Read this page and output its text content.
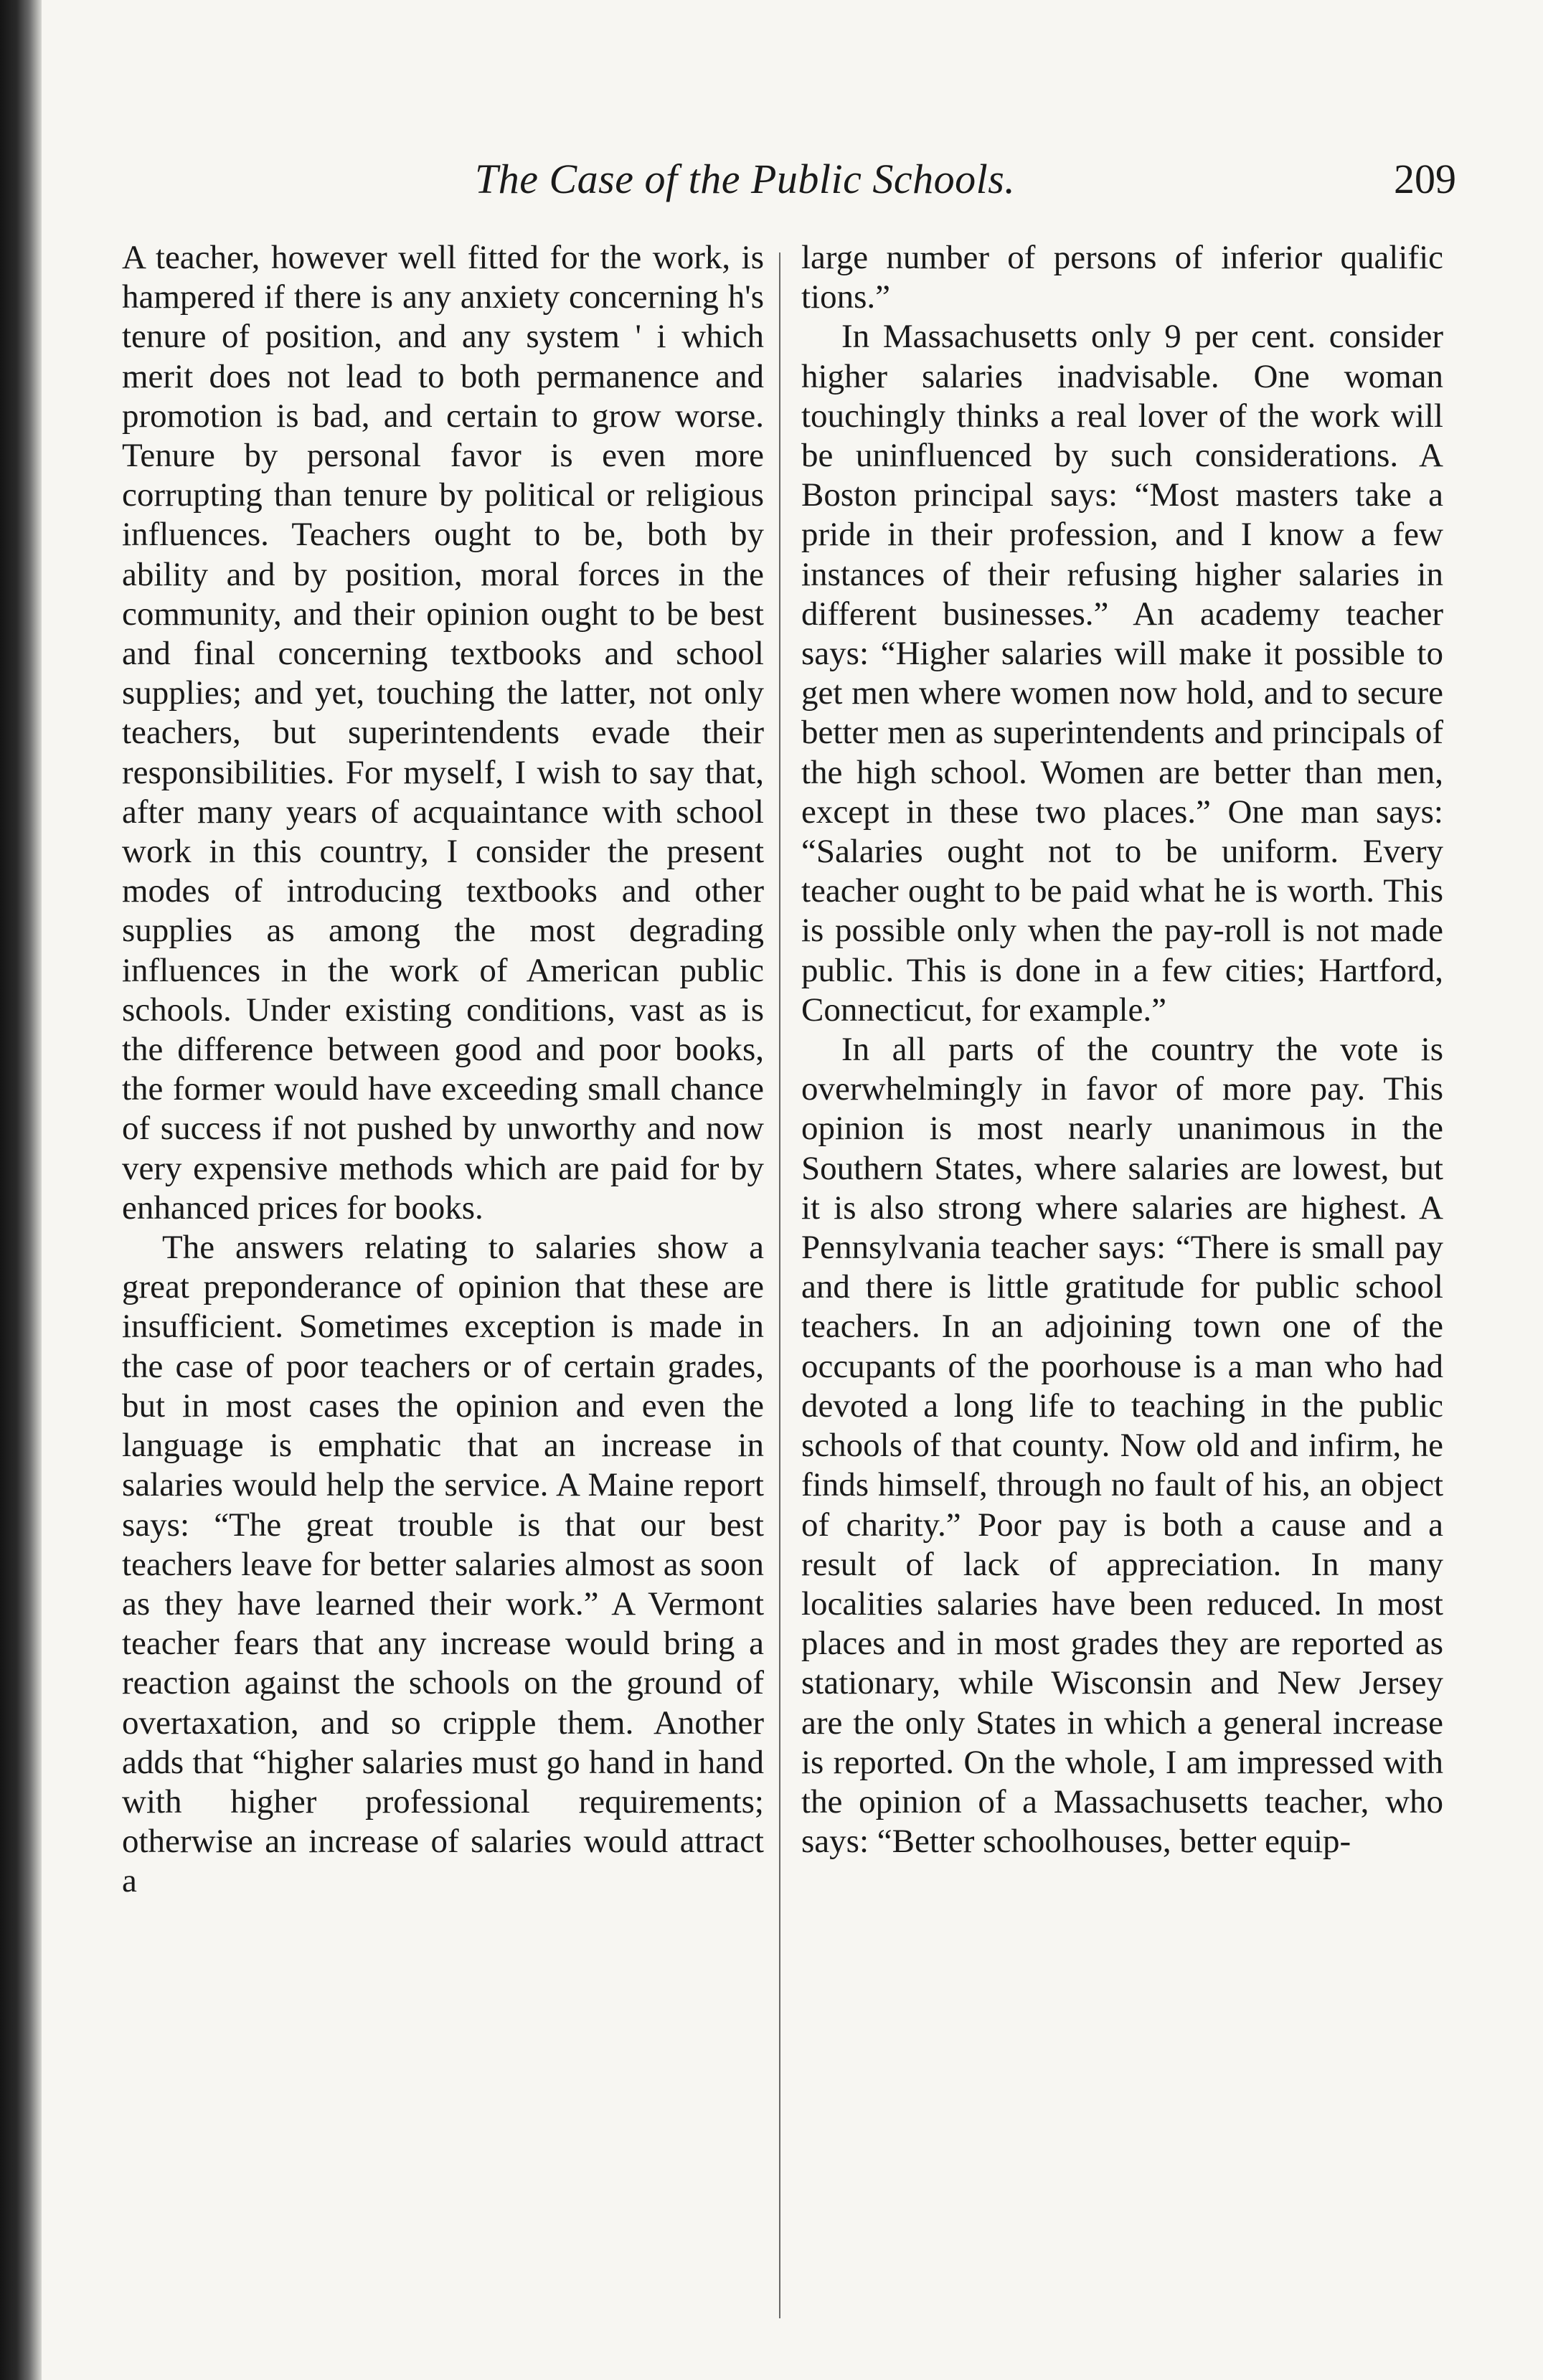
The Case of the Public Schools.	209

A teacher, however well fitted for the work, is hampered if there is any anxiety concerning h's tenure of position, and any system ' i which merit does not lead to both permanence and promotion is bad, and certain to grow worse. Tenure by personal favor is even more corrupting than tenure by political or religious influences. Teachers ought to be, both by ability and by position, moral forces in the community, and their opinion ought to be best and final concerning textbooks and school supplies; and yet, touching the latter, not only teachers, but superintendents evade their responsibilities. For myself, I wish to say that, after many years of acquaintance with school work in this country, I consider the present modes of introducing textbooks and other supplies as among the most degrading influences in the work of American public schools. Under existing conditions, vast as is the difference between good and poor books, the former would have exceeding small chance of success if not pushed by unworthy and now very expensive methods which are paid for by enhanced prices for books.

The answers relating to salaries show a great preponderance of opinion that these are insufficient. Sometimes exception is made in the case of poor teachers or of certain grades, but in most cases the opinion and even the language is emphatic that an increase in salaries would help the service. A Maine report says: “The great trouble is that our best teachers leave for better salaries almost as soon as they have learned their work.” A Vermont teacher fears that any increase would bring a reaction against the schools on the ground of overtaxation, and so cripple them. Another adds that “higher salaries must go hand in hand with higher professional requirements; otherwise an increase of salaries would attract a

large number of persons of inferior qualific tions.”

In Massachusetts only 9 per cent. consider higher salaries inadvisable. One woman touchingly thinks a real lover of the work will be uninfluenced by such considerations. A Boston principal says: “Most masters take a pride in their profession, and I know a few instances of their refusing higher salaries in different businesses.” An academy teacher says: “Higher salaries will make it possible to get men where women now hold, and to secure better men as superintendents and principals of the high school. Women are better than men, except in these two places.” One man says: “Salaries ought not to be uniform. Every teacher ought to be paid what he is worth. This is possible only when the pay-roll is not made public. This is done in a few cities; Hartford, Connecticut, for example.”

In all parts of the country the vote is overwhelmingly in favor of more pay. This opinion is most nearly unanimous in the Southern States, where salaries are lowest, but it is also strong where salaries are highest. A Pennsylvania teacher says: “There is small pay and there is little gratitude for public school teachers. In an adjoining town one of the occupants of the poorhouse is a man who had devoted a long life to teaching in the public schools of that county. Now old and infirm, he finds himself, through no fault of his, an object of charity.” Poor pay is both a cause and a result of lack of appreciation. In many localities salaries have been reduced. In most places and in most grades they are reported as stationary, while Wisconsin and New Jersey are the only States in which a general increase is reported. On the whole, I am impressed with the opinion of a Massachusetts teacher, who says: “Better schoolhouses, better equip-
